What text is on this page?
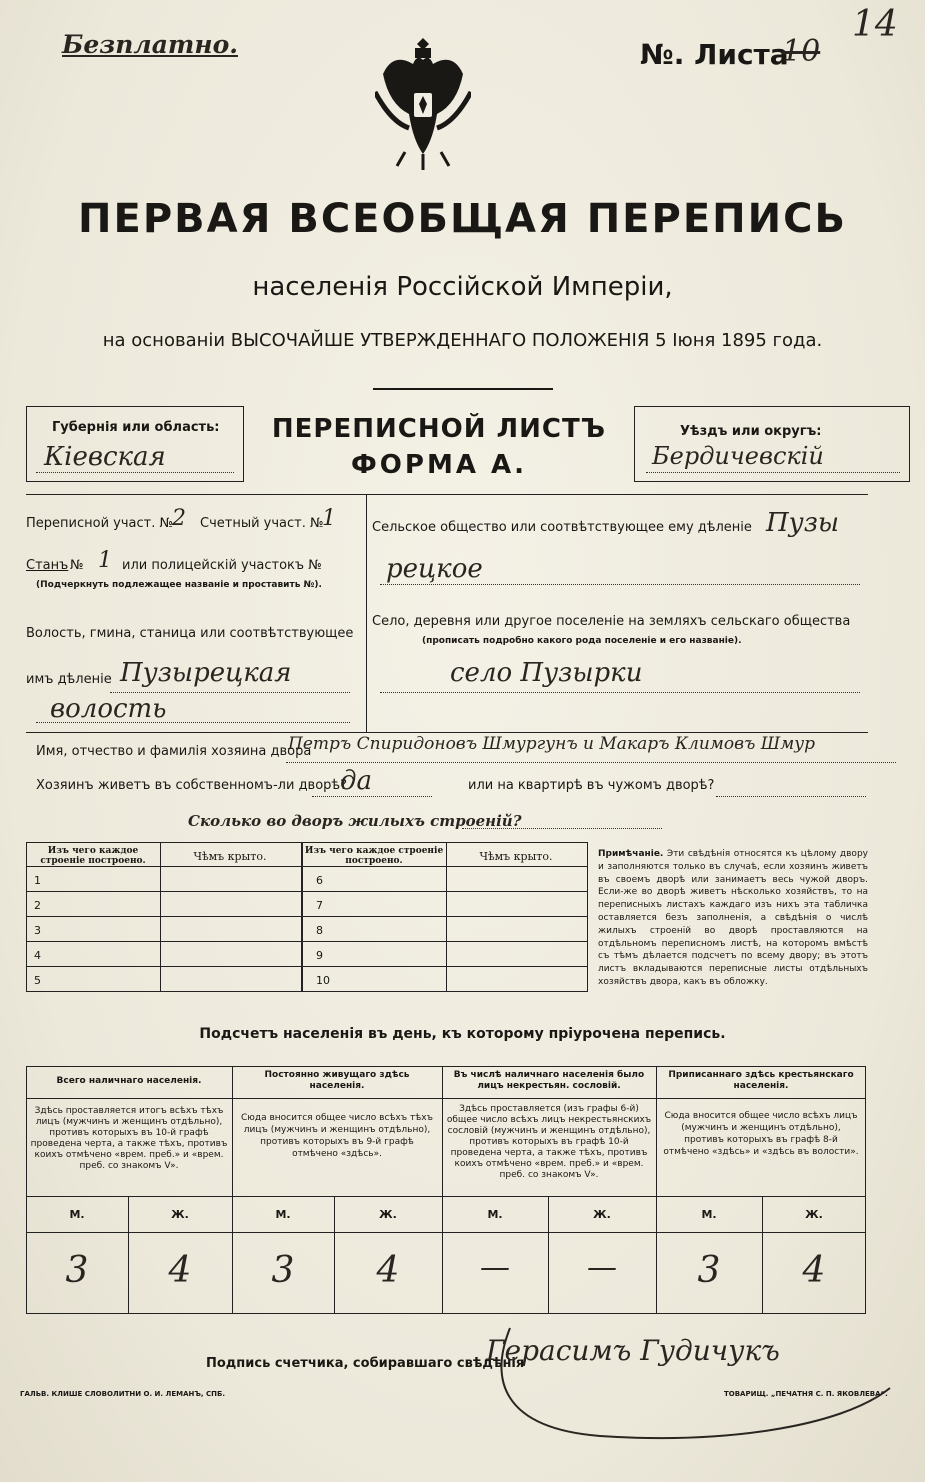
Безплатно.	№. Листа
10
14
ПЕРВАЯ ВСЕОБЩАЯ ПЕРЕПИСЬ
населенія Россійской Имперіи,
на основаніи ВЫСОЧАЙШЕ УТВЕРЖДЕННАГО ПОЛОЖЕНІЯ 5 Іюня 1895 года.
Губернія или область:
Кіевская
ПЕРЕПИСНОЙ ЛИСТЪ
ФОРМА А.
Уѣздъ или округъ:
Бердичевскій
Переписной участ. № 2 Счетный участ. №
1
Станъ № 1 или полицейскій участокъ №
(Подчеркнуть подлежащее названіе и проставить №).
Волость, гмина, станица или соотвѣтствующее
имъ дѣленіе Пузырецкая
волость
Сельское общество или соотвѣтствующее ему дѣленіе Пузы
рецкое
Село, деревня или другое поселеніе на земляхъ сельскаго общества
(прописать подробно какого рода поселеніе и его названіе).
село Пузырки
Имя, отчество и фамилія хозяина двора
Петръ Спиридоновъ Шмургунъ и Макаръ Климовъ Шмур
Хозяинъ живетъ въ собственномъ-ли дворѣ?
да	или на квартирѣ въ чужомъ дворѣ?
Сколько во дворъ жилыхъ строеній?
Изъ чего каждое строеніе построено.	Чѣмъ крыто.
1
2
3
4
5
Изъ чего каждое строеніе построено.	Чѣмъ крыто.
6
7
8
9
10
Примѣчаніе. Эти свѣдѣнія относятся къ цѣлому двору и заполняются только въ случаѣ, если хозяинъ живетъ въ своемъ дворѣ или занимаетъ весь чужой дворъ. Если-же во дворѣ живетъ нѣсколько хозяйствъ, то на переписныхъ листахъ каждаго изъ нихъ эта табличка оставляется безъ заполненія, а свѣдѣнія о числѣ жилыхъ строеній во дворѣ проставляются на отдѣльномъ переписномъ листѣ, на которомъ вмѣстѣ съ тѣмъ дѣлается подсчетъ по всему двору; въ этотъ листъ вкладываются переписные листы отдѣльныхъ хозяйствъ двора, какъ въ обложку.
Подсчетъ населенія въ день, къ которому пріурочена перепись.
Всего наличнаго населенія.
Здѣсь проставляется итогъ всѣхъ тѣхъ лицъ (мужчинъ и женщинъ отдѣльно), противъ которыхъ въ 10-й графѣ проведена черта, а также тѣхъ, противъ коихъ отмѣчено «врем. преб.» и «врем. преб. со знакомъ V».
М.	Ж.
3	4
Постоянно живущаго здѣсь населенія.
Сюда вносится общее число всѣхъ тѣхъ лицъ (мужчинъ и женщинъ отдѣльно), противъ которыхъ въ 9-й графѣ отмѣчено «здѣсь».
М.	Ж.
3	4
Въ числѣ наличнаго населенія было лицъ некрестьян. сословій.
Здѣсь проставляется (изъ графы 6-й) общее число всѣхъ лицъ некрестьянскихъ сословій (мужчинъ и женщинъ отдѣльно), противъ которыхъ въ графѣ 10-й проведена черта, а также тѣхъ, противъ коихъ отмѣчено «врем. преб.» и «врем. преб. со знакомъ V».
М.	Ж.
—	—
Приписаннаго здѣсь крестьянскаго населенія.
Сюда вносится общее число всѣхъ лицъ (мужчинъ и женщинъ отдѣльно), противъ которыхъ въ графѣ 8-й отмѣчено «здѣсь» и «здѣсь въ волости».
М.	Ж.
3	4
Подпись счетчика, собиравшаго свѣдѣнія
Герасимъ Гудичукъ
ГАЛЬВ. КЛИШЕ СЛОВОЛИТНИ О. И. ЛЕМАНЪ, СПБ.	ТОВАРИЩ. „ПЕЧАТНЯ С. П. ЯКОВЛЕВА“.
